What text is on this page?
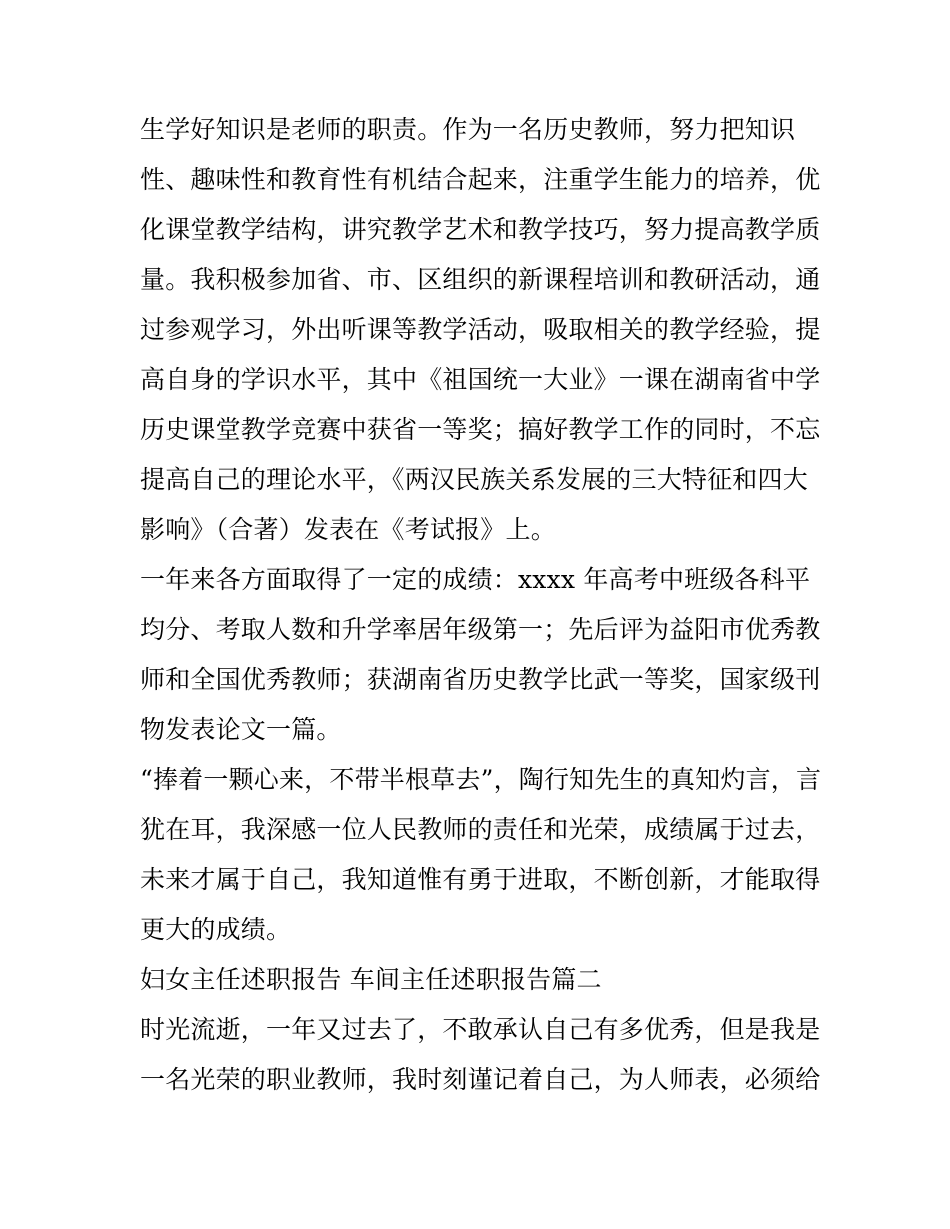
生学好知识是老师的职责。作为一名历史教师，努力把知识
性、趣味性和教育性有机结合起来，注重学生能力的培养，优
化课堂教学结构，讲究教学艺术和教学技巧，努力提高教学质
量。我积极参加省、市、区组织的新课程培训和教研活动，通
过参观学习，外出听课等教学活动，吸取相关的教学经验，提
高自身的学识水平，其中《祖国统一大业》一课在湖南省中学
历史课堂教学竞赛中获省一等奖；搞好教学工作的同时，不忘
提高自己的理论水平，《两汉民族关系发展的三大特征和四大
影响》（合著）发表在《考试报》上。
一年来各方面取得了一定的成绩：xxxx 年高考中班级各科平
均分、考取人数和升学率居年级第一；先后评为益阳市优秀教
师和全国优秀教师；获湖南省历史教学比武一等奖，国家级刊
物发表论文一篇。
“捧着一颗心来，不带半根草去”，陶行知先生的真知灼言，言
犹在耳，我深感一位人民教师的责任和光荣，成绩属于过去，
未来才属于自己，我知道惟有勇于进取，不断创新，才能取得
更大的成绩。
妇女主任述职报告 车间主任述职报告篇二
时光流逝，一年又过去了，不敢承认自己有多优秀，但是我是
一名光荣的职业教师，我时刻谨记着自己，为人师表，必须给
